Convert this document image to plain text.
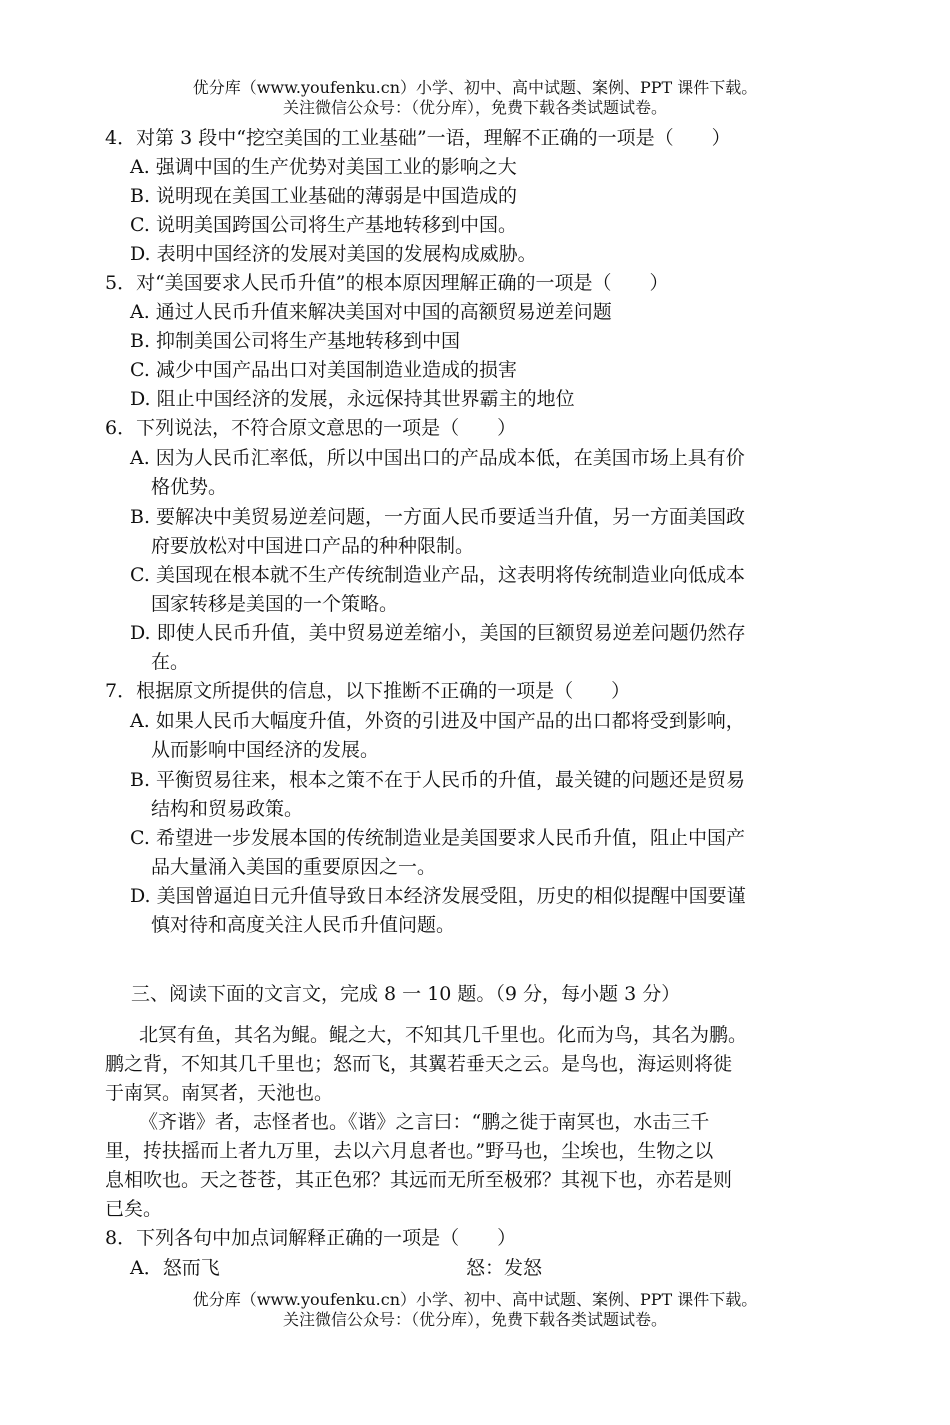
优分库（www.youfenku.cn）小学、初中、高中试题、案例、PPT 课件下载。
关注微信公众号：（优分库），免费下载各类试题试卷。
4．对第 3 段中“挖空美国的工业基础”一语，理解不正确的一项是（　　）
A. 强调中国的生产优势对美国工业的影响之大
B. 说明现在美国工业基础的薄弱是中国造成的
C. 说明美国跨国公司将生产基地转移到中国。
D. 表明中国经济的发展对美国的发展构成威胁。
5．对“美国要求人民币升值”的根本原因理解正确的一项是（　　）
A. 通过人民币升值来解决美国对中国的高额贸易逆差问题
B. 抑制美国公司将生产基地转移到中国
C. 减少中国产品出口对美国制造业造成的损害
D. 阻止中国经济的发展，永远保持其世界霸主的地位
6．下列说法，不符合原文意思的一项是（　　）
A. 因为人民币汇率低，所以中国出口的产品成本低，在美国市场上具有价
格优势。
B. 要解决中美贸易逆差问题，一方面人民币要适当升值，另一方面美国政
府要放松对中国进口产品的种种限制。
C. 美国现在根本就不生产传统制造业产品，这表明将传统制造业向低成本
国家转移是美国的一个策略。
D. 即使人民币升值，美中贸易逆差缩小，美国的巨额贸易逆差问题仍然存
在。
7．根据原文所提供的信息，以下推断不正确的一项是（　　）
A. 如果人民币大幅度升值，外资的引进及中国产品的出口都将受到影响，
从而影响中国经济的发展。
B. 平衡贸易往来，根本之策不在于人民币的升值，最关键的问题还是贸易
结构和贸易政策。
C. 希望进一步发展本国的传统制造业是美国要求人民币升值，阻止中国产
品大量涌入美国的重要原因之一。
D. 美国曾逼迫日元升值导致日本经济发展受阻，历史的相似提醒中国要谨
慎对待和高度关注人民币升值问题。
三、阅读下面的文言文，完成 8 一 10 题。（9 分，每小题 3 分）
北冥有鱼，其名为鲲。鲲之大，不知其几千里也。化而为鸟，其名为鹏。
鹏之背，不知其几千里也；怒而飞，其翼若垂天之云。是鸟也，海运则将徙
于南冥。南冥者，天池也。
《齐谐》者，志怪者也。《谐》之言曰：“鹏之徙于南冥也，水击三千
里，抟扶摇而上者九万里，去以六月息者也。”野马也，尘埃也，生物之以
息相吹也。天之苍苍，其正色邪？其远而无所至极邪？其视下也，亦若是则
已矣。
8．下列各句中加点词解释正确的一项是（　　）
A．怒而飞	怒：发怒
优分库（www.youfenku.cn）小学、初中、高中试题、案例、PPT 课件下载。
关注微信公众号：（优分库），免费下载各类试题试卷。
